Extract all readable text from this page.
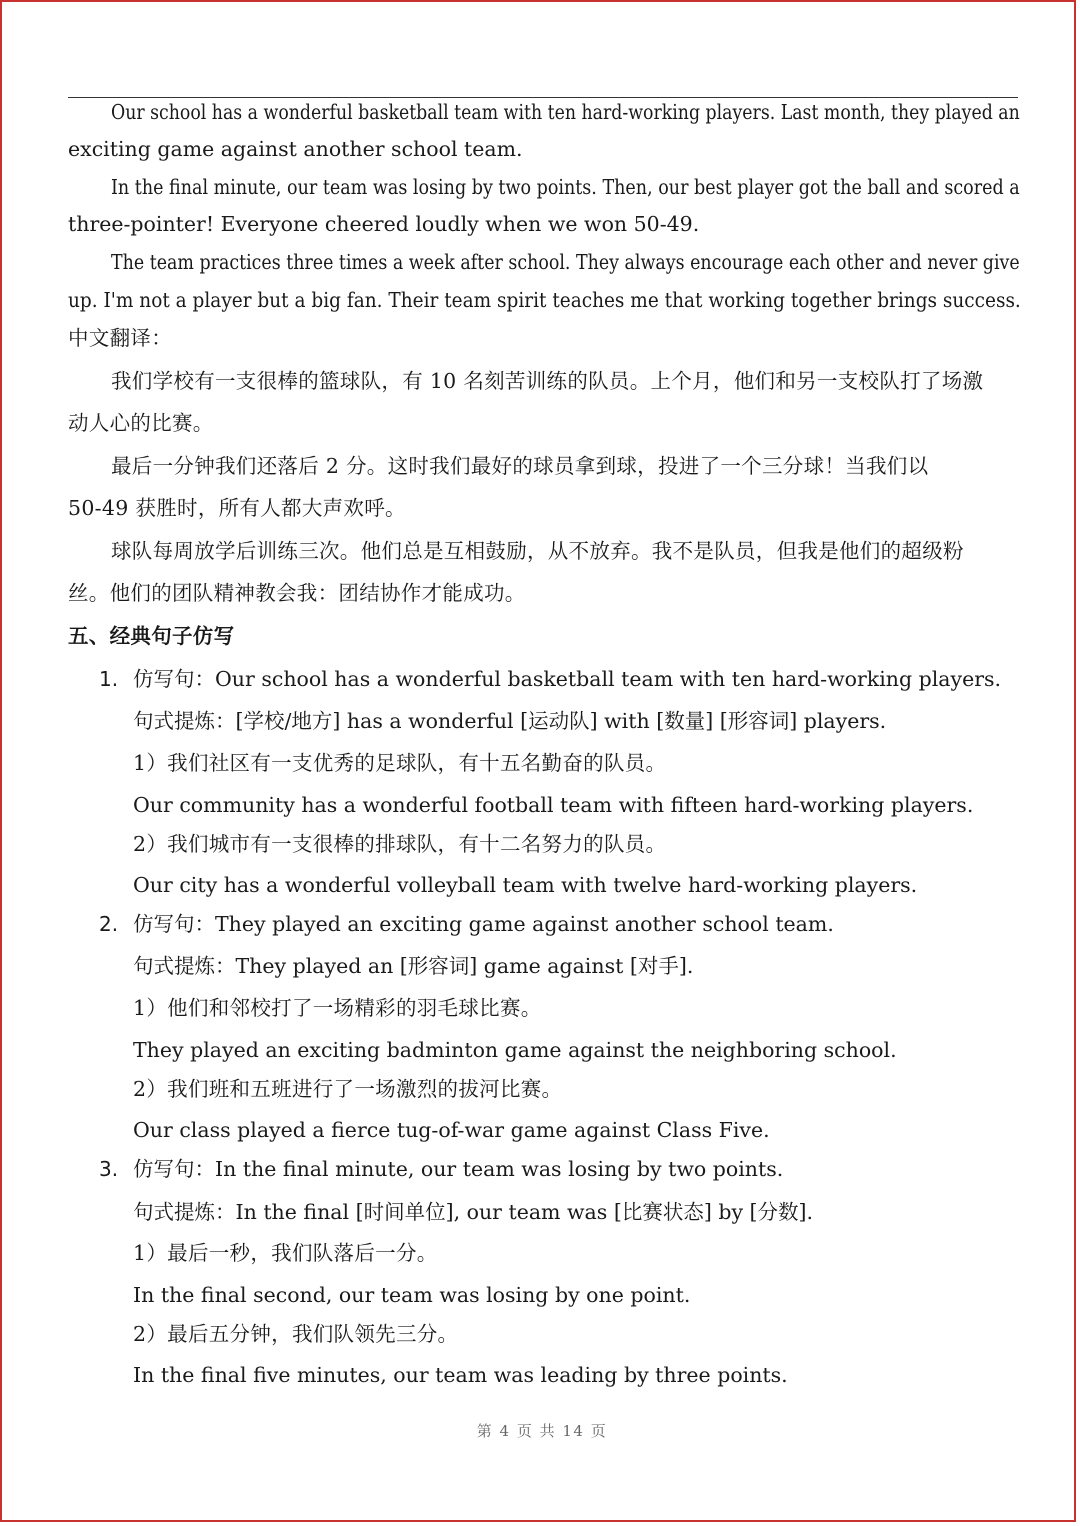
Our school has a wonderful basketball team with ten hard-working players. Last month, they played an
exciting game against another school team.
In the final minute, our team was losing by two points. Then, our best player got the ball and scored a
three-pointer! Everyone cheered loudly when we won 50-49.
The team practices three times a week after school. They always encourage each other and never give
up. I'm not a player but a big fan. Their team spirit teaches me that working together brings success.
中文翻译：
我们学校有一支很棒的篮球队，有 10 名刻苦训练的队员。上个月，他们和另一支校队打了场激
动人心的比赛。
最后一分钟我们还落后 2 分。这时我们最好的球员拿到球，投进了一个三分球！当我们以
50-49 获胜时，所有人都大声欢呼。
球队每周放学后训练三次。他们总是互相鼓励，从不放弃。我不是队员，但我是他们的超级粉
丝。他们的团队精神教会我：团结协作才能成功。
五、经典句子仿写
1. 仿写句：Our school has a wonderful basketball team with ten hard-working players.
句式提炼：[学校/地方] has a wonderful [运动队] with [数量] [形容词] players.
1）我们社区有一支优秀的足球队，有十五名勤奋的队员。
Our community has a wonderful football team with fifteen hard-working players.
2）我们城市有一支很棒的排球队，有十二名努力的队员。
Our city has a wonderful volleyball team with twelve hard-working players.
2. 仿写句：They played an exciting game against another school team.
句式提炼：They played an [形容词] game against [对手].
1）他们和邻校打了一场精彩的羽毛球比赛。
They played an exciting badminton game against the neighboring school.
2）我们班和五班进行了一场激烈的拔河比赛。
Our class played a fierce tug-of-war game against Class Five.
3. 仿写句：In the final minute, our team was losing by two points.
句式提炼：In the final [时间单位], our team was [比赛状态] by [分数].
1）最后一秒，我们队落后一分。
In the final second, our team was losing by one point.
2）最后五分钟，我们队领先三分。
In the final five minutes, our team was leading by three points.
第 4 页 共 14 页
